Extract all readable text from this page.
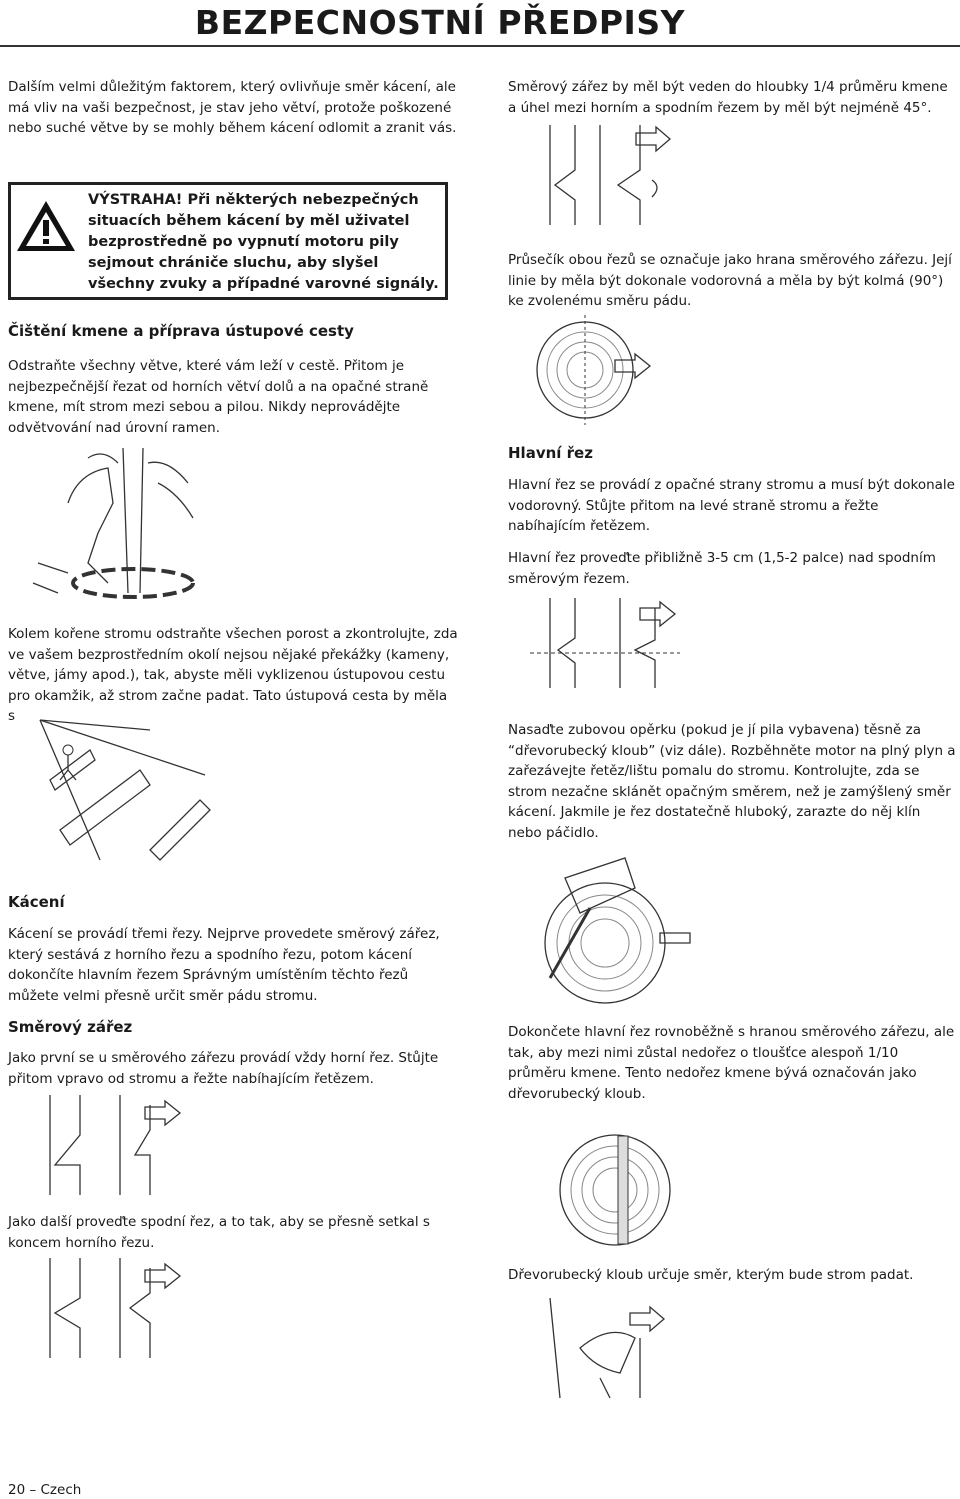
BEZPECNOSTNÍ PŘEDPISY
Dalším velmi důležitým faktorem, který ovlivňuje směr kácení, ale má vliv na vaši bezpečnost, je stav jeho větví, protože poškozené nebo suché větve by se mohly během kácení odlomit a zranit vás.
VÝSTRAHA! Při některých nebezpečných situacích během kácení by měl uživatel bezprostředně po vypnutí motoru pily sejmout chrániče sluchu, aby slyšel všechny zvuky a případné varovné signály.
Čištění kmene a příprava ústupové cesty
Odstraňte všechny větve, které vám leží v cestě. Přitom je nejbezpečnější řezat od horních větví dolů a na opačné straně kmene, mít strom mezi sebou a pilou. Nikdy neprovádějte odvětvování nad úrovní ramen.
Kolem kořene stromu odstraňte všechen porost a zkontrolujte, zda ve vašem bezprostředním okolí nejsou nějaké překážky (kameny, větve, jámy apod.), tak, abyste měli vyklizenou ústupovou cestu pro okamžik, až strom začne padat. Tato ústupová cesta by měla s
Kácení
Kácení se provádí třemi řezy. Nejprve provedete směrový zářez, který sestává z horního řezu a spodního řezu, potom kácení dokončíte hlavním řezem Správným umístěním těchto řezů můžete velmi přesně určit směr pádu stromu.
Směrový zářez
Jako první se u směrového zářezu provádí vždy horní řez. Stůjte přitom vpravo od stromu a řežte nabíhajícím řetězem.
Jako další proveďte spodní řez, a to tak, aby se přesně setkal s koncem horního řezu.
Směrový zářez by měl být veden do hloubky 1/4 průměru kmene a úhel mezi horním a spodním řezem by měl být nejméně 45°.
Průsečík obou řezů se označuje jako hrana směrového zářezu. Její linie by měla být dokonale vodorovná a měla by být kolmá (90°) ke zvolenému směru pádu.
Hlavní řez
Hlavní řez se provádí z opačné strany stromu a musí být dokonale vodorovný. Stůjte přitom na levé straně stromu a řežte nabíhajícím řetězem.
Hlavní řez proveďte přibližně 3-5 cm (1,5-2 palce) nad spodním směrovým řezem.
Nasaďte zubovou opěrku (pokud je jí pila vybavena) těsně za “dřevorubecký kloub” (viz dále). Rozběhněte motor na plný plyn a zařezávejte řetěz/lištu pomalu do stromu. Kontrolujte, zda se strom nezačne sklánět opačným směrem, než je zamýšlený směr kácení. Jakmile je řez dostatečně hluboký, zarazte do něj klín nebo páčidlo.
Dokončete hlavní řez rovnoběžně s hranou směrového zářezu, ale tak, aby mezi nimi zůstal nedořez o tloušťce alespoň 1/10 průměru kmene. Tento nedořez kmene bývá označován jako dřevorubecký kloub.
Dřevorubecký kloub určuje směr, kterým bude strom padat.
20 – Czech
